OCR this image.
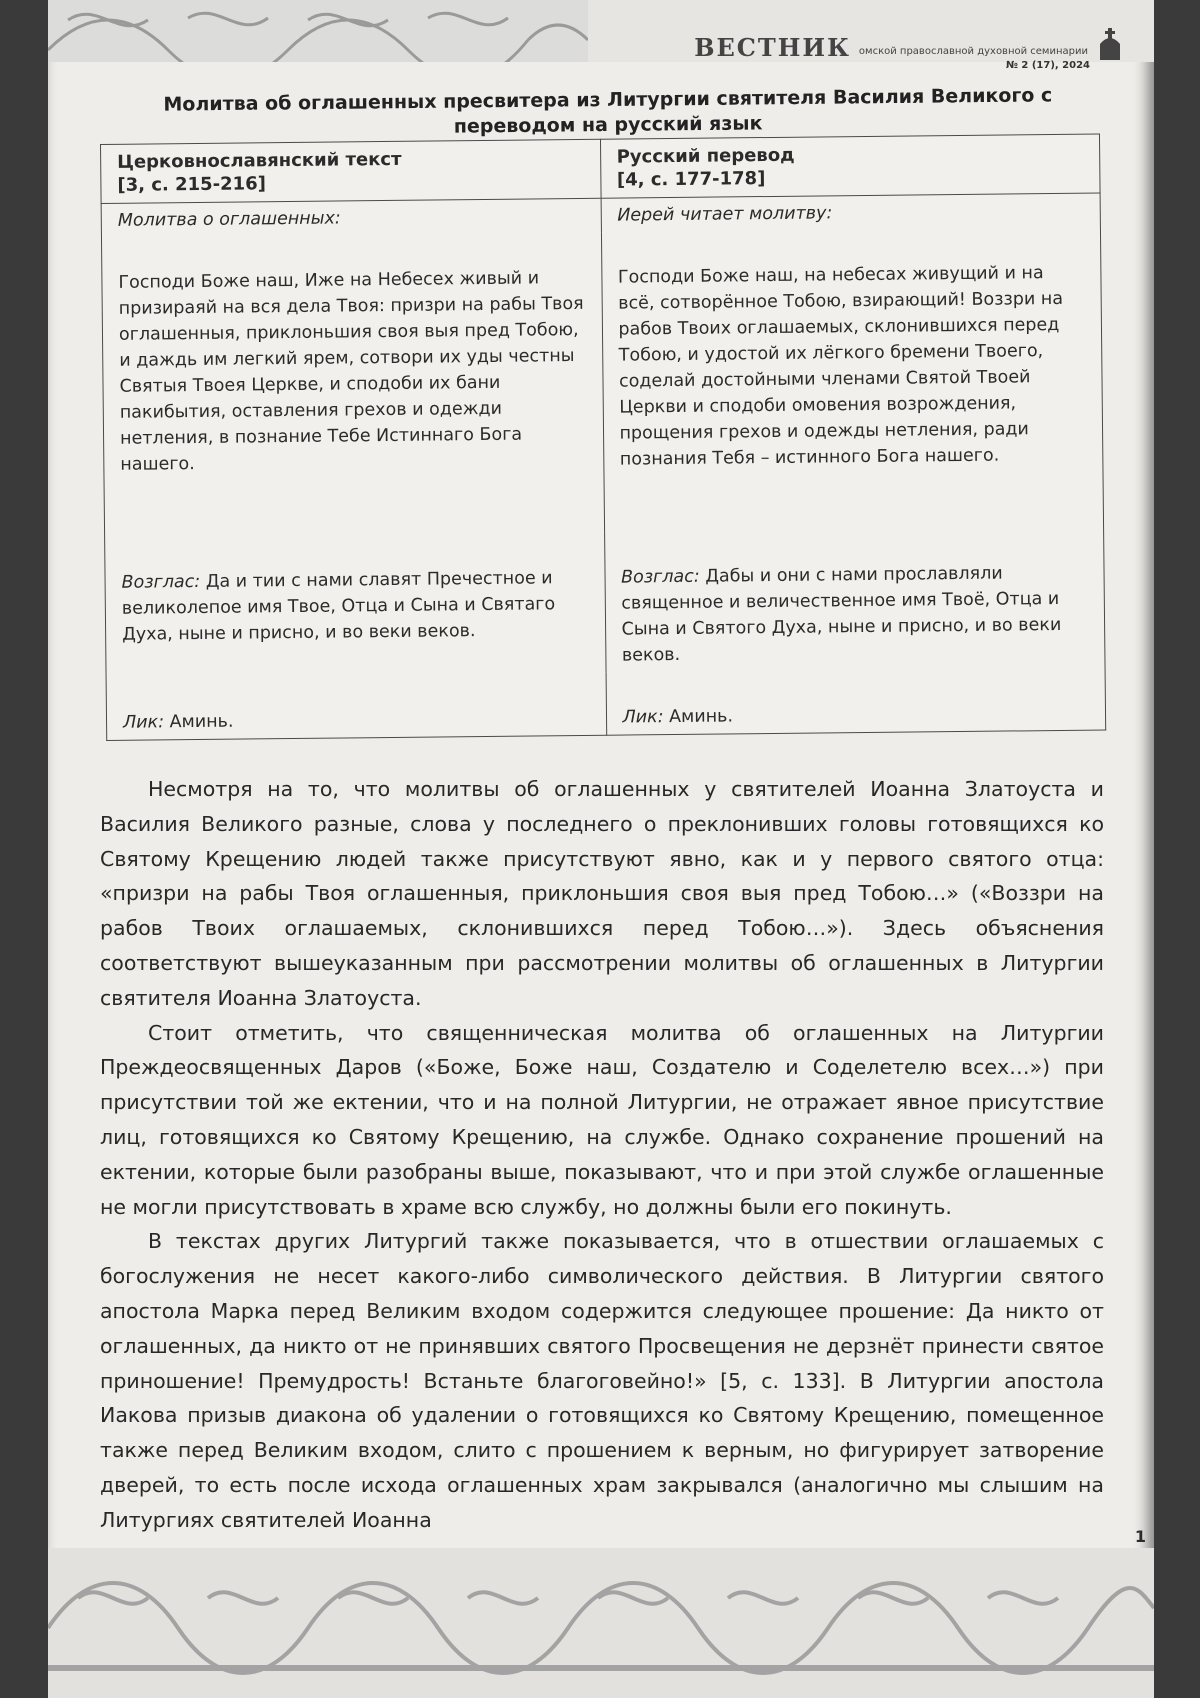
ВЕСТНИК омской православной духовной семинарии
№ 2 (17), 2024
Молитва об оглашенных пресвитера из Литургии святителя Василия Великого с переводом на русский язык
Церковнославянский текст
[3, с. 215-216]	Русский перевод
[4, с. 177-178]
Молитва о оглашенных:	Иерей читает молитву:

Господи Боже наш, Иже на Небесех живый и призираяй на вся дела Твоя: призри на рабы Твоя оглашенныя, приклоньшия своя выя пред Тобою, и даждь им легкий ярем, сотвори их уды честны Святыя Твоея Церкве, и сподоби их бани пакибытия, оставления грехов и одежди нетления, в познание Тебе Истиннаго Бога нашего.

Господи Боже наш, на небесах живущий и на всё, сотворённое Тобою, взирающий! Воззри на рабов Твоих оглашаемых, склонившихся перед Тобою, и удостой их лёгкого бремени Твоего, соделай достойными членами Святой Твоей Церкви и сподоби омовения возрождения, прощения грехов и одежды нетления, ради познания Тебя – истинного Бога нашего.

Возглас: Да и тии с нами славят Пречестное и великолепое имя Твое, Отца и Сына и Святаго Духа, ныне и присно, и во веки веков.	
Возглас: Дабы и они с нами прославляли священное и величественное имя Твоё, Отца и Сына и Святого Духа, ныне и присно, и во веки веков.

Лик: Аминь.	Лик: Аминь.

Несмотря на то, что молитвы об оглашенных у святителей Иоанна Златоуста и Василия Великого разные, слова у последнего о преклонивших головы готовящихся ко Святому Крещению людей также присутствуют явно, как и у первого святого отца: «призри на рабы Твоя оглашенныя, приклоньшия своя выя пред Тобою…» («Воззри на рабов Твоих оглашаемых, склонившихся перед Тобою…»). Здесь объяснения соответствуют вышеуказанным при рассмотрении молитвы об оглашенных в Литургии святителя Иоанна Златоуста.

Стоит отметить, что священническая молитва об оглашенных на Литургии Преждеосвященных Даров («Боже, Боже наш, Создателю и Соделетелю всех…») при присутствии той же ектении, что и на полной Литургии, не отражает явное присутствие лиц, готовящихся ко Святому Крещению, на службе. Однако сохранение прошений на ектении, которые были разобраны выше, показывают, что и при этой службе оглашенные не могли присутствовать в храме всю службу, но должны были его покинуть.

В текстах других Литургий также показывается, что в отшествии оглашаемых с богослужения не несет какого-либо символического действия. В Литургии святого апостола Марка перед Великим входом содержится следующее прошение: Да никто от оглашенных, да никто от не принявших святого Просвещения не дерзнёт принести святое приношение! Премудрость! Встаньте благоговейно!» [5, с. 133]. В Литургии апостола Иакова призыв диакона об удалении о готовящихся ко Святому Крещению, помещенное также перед Великим входом, слито с прошением к верным, но фигурирует затворение дверей, то есть после исхода оглашенных храм закрывался (аналогично мы слышим на Литургиях святителей Иоанна

1
